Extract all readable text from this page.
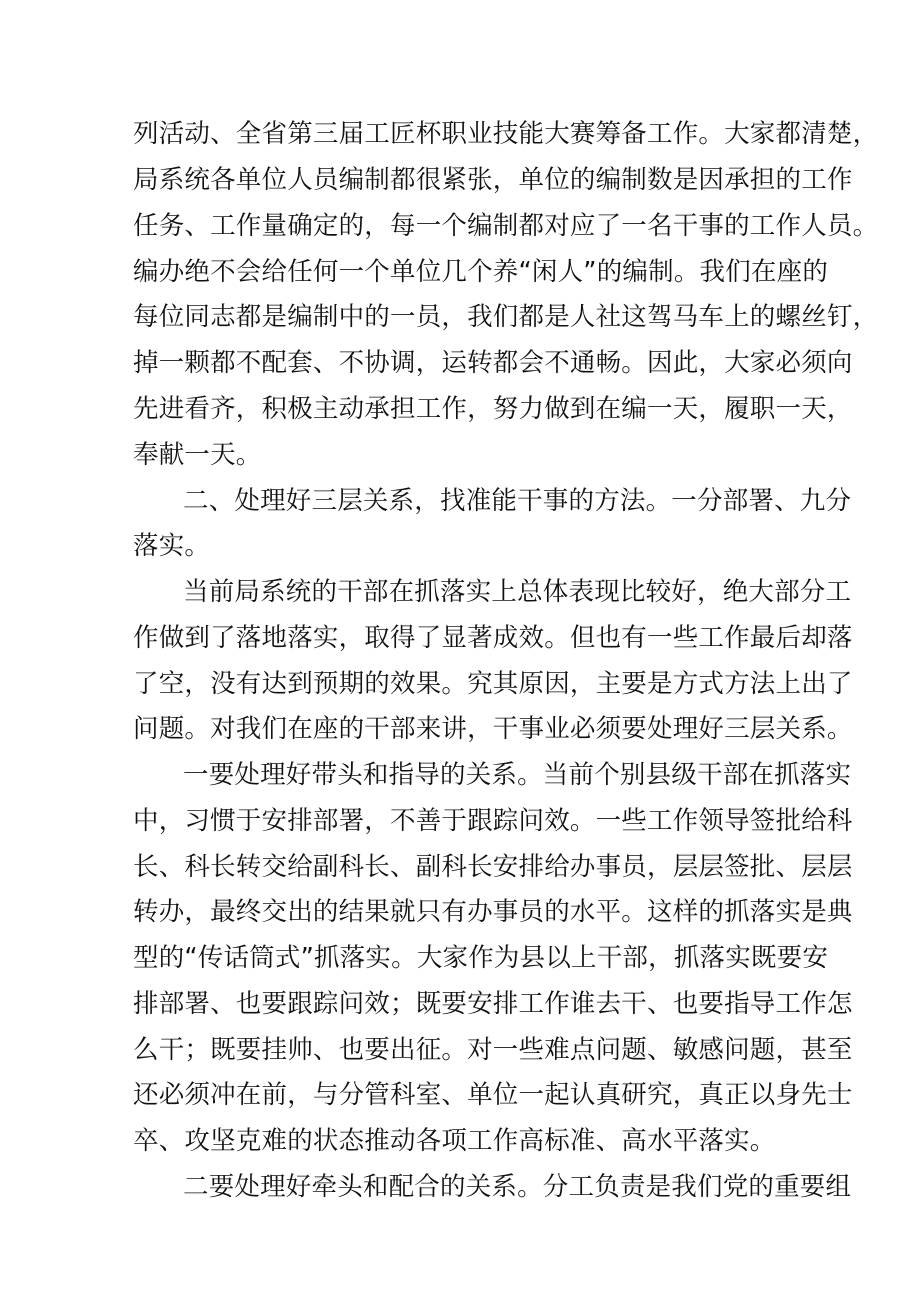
列活动、全省第三届工匠杯职业技能大赛筹备工作。大家都清楚，
局系统各单位人员编制都很紧张，单位的编制数是因承担的工作
任务、工作量确定的，每一个编制都对应了一名干事的工作人员。
编办绝不会给任何一个单位几个养“闲人”的编制。我们在座的
每位同志都是编制中的一员，我们都是人社这驾马车上的螺丝钉，
掉一颗都不配套、不协调，运转都会不通畅。因此，大家必须向
先进看齐，积极主动承担工作，努力做到在编一天，履职一天，
奉献一天。
二、处理好三层关系，找准能干事的方法。一分部署、九分
落实。
当前局系统的干部在抓落实上总体表现比较好，绝大部分工
作做到了落地落实，取得了显著成效。但也有一些工作最后却落
了空，没有达到预期的效果。究其原因，主要是方式方法上出了
问题。对我们在座的干部来讲，干事业必须要处理好三层关系。
一要处理好带头和指导的关系。当前个别县级干部在抓落实
中，习惯于安排部署，不善于跟踪问效。一些工作领导签批给科
长、科长转交给副科长、副科长安排给办事员，层层签批、层层
转办，最终交出的结果就只有办事员的水平。这样的抓落实是典
型的“传话筒式”抓落实。大家作为县以上干部，抓落实既要安
排部署、也要跟踪问效；既要安排工作谁去干、也要指导工作怎
么干；既要挂帅、也要出征。对一些难点问题、敏感问题，甚至
还必须冲在前，与分管科室、单位一起认真研究，真正以身先士
卒、攻坚克难的状态推动各项工作高标准、高水平落实。
二要处理好牵头和配合的关系。分工负责是我们党的重要组
